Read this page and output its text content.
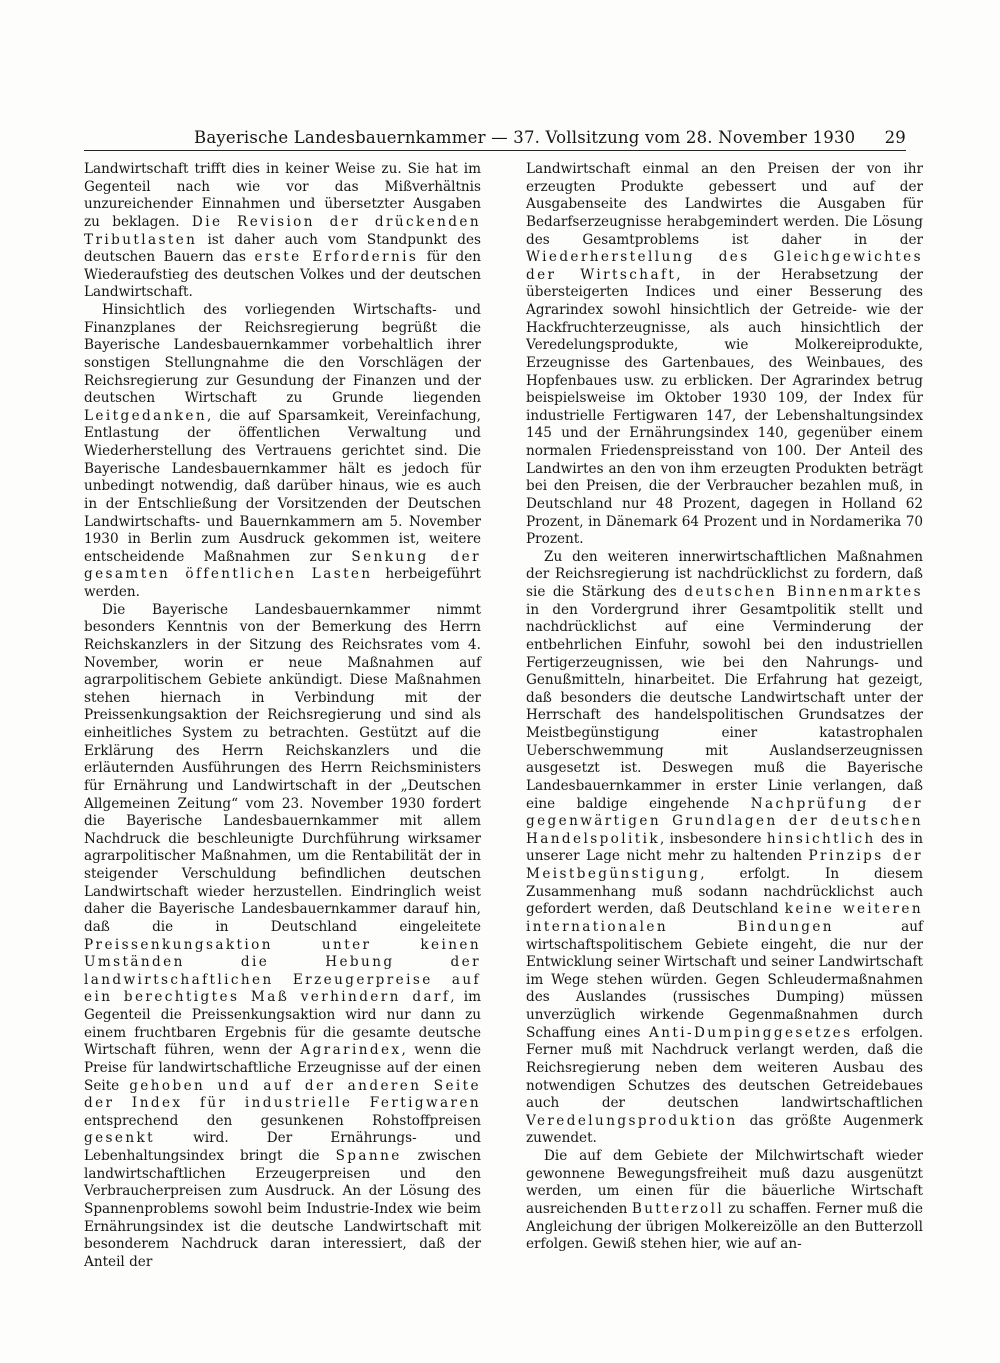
Bayerische Landesbauernkammer — 37. Vollsitzung vom 28. November 1930 29

Landwirtschaft trifft dies in keiner Weise zu. Sie hat im Gegenteil nach wie vor das Mißverhältnis unzureichender Einnahmen und übersetzter Ausgaben zu beklagen. Die Revision der drückenden Tributlasten ist daher auch vom Standpunkt des deutschen Bauern das erste Erfordernis für den Wiederaufstieg des deutschen Volkes und der deutschen Landwirtschaft.

Hinsichtlich des vorliegenden Wirtschafts- und Finanzplanes der Reichsregierung begrüßt die Bayerische Landesbauernkammer vorbehaltlich ihrer sonstigen Stellungnahme die den Vorschlägen der Reichsregierung zur Gesundung der Finanzen und der deutschen Wirtschaft zu Grunde liegenden Leitgedanken, die auf Sparsamkeit, Vereinfachung, Entlastung der öffentlichen Verwaltung und Wiederherstellung des Vertrauens gerichtet sind. Die Bayerische Landesbauernkammer hält es jedoch für unbedingt notwendig, daß darüber hinaus, wie es auch in der Entschließung der Vorsitzenden der Deutschen Landwirtschafts- und Bauernkammern am 5. November 1930 in Berlin zum Ausdruck gekommen ist, weitere entscheidende Maßnahmen zur Senkung der gesamten öffentlichen Lasten herbeigeführt werden.

Die Bayerische Landesbauernkammer nimmt besonders Kenntnis von der Bemerkung des Herrn Reichskanzlers in der Sitzung des Reichsrates vom 4. November, worin er neue Maßnahmen auf agrarpolitischem Gebiete ankündigt. Diese Maßnahmen stehen hiernach in Verbindung mit der Preissenkungsaktion der Reichsregierung und sind als einheitliches System zu betrachten. Gestützt auf die Erklärung des Herrn Reichskanzlers und die erläuternden Ausführungen des Herrn Reichsministers für Ernährung und Landwirtschaft in der „Deutschen Allgemeinen Zeitung“ vom 23. November 1930 fordert die Bayerische Landesbauernkammer mit allem Nachdruck die beschleunigte Durchführung wirksamer agrarpolitischer Maßnahmen, um die Rentabilität der in steigender Verschuldung befindlichen deutschen Landwirtschaft wieder herzustellen. Eindringlich weist daher die Bayerische Landesbauernkammer darauf hin, daß die in Deutschland eingeleitete Preissenkungsaktion unter keinen Umständen die Hebung der landwirtschaftlichen Erzeugerpreise auf ein berechtigtes Maß verhindern darf, im Gegenteil die Preissenkungsaktion wird nur dann zu einem fruchtbaren Ergebnis für die gesamte deutsche Wirtschaft führen, wenn der Agrarindex, wenn die Preise für landwirtschaftliche Erzeugnisse auf der einen Seite gehoben und auf der anderen Seite der Index für industrielle Fertigwaren entsprechend den gesunkenen Rohstoffpreisen gesenkt wird. Der Ernährungs- und Lebenhaltungsindex bringt die Spanne zwischen landwirtschaftlichen Erzeugerpreisen und den Verbraucherpreisen zum Ausdruck. An der Lösung des Spannenproblems sowohl beim Industrie-Index wie beim Ernährungsindex ist die deutsche Landwirtschaft mit besonderem Nachdruck daran interessiert, daß der Anteil der

Landwirtschaft einmal an den Preisen der von ihr erzeugten Produkte gebessert und auf der Ausgabenseite des Landwirtes die Ausgaben für Bedarfserzeugnisse herabgemindert werden. Die Lösung des Gesamtproblems ist daher in der Wiederherstellung des Gleichgewichtes der Wirtschaft, in der Herabsetzung der übersteigerten Indices und einer Besserung des Agrarindex sowohl hinsichtlich der Getreide- wie der Hackfruchterzeugnisse, als auch hinsichtlich der Veredelungsprodukte, wie Molkereiprodukte, Erzeugnisse des Gartenbaues, des Weinbaues, des Hopfenbaues usw. zu erblicken. Der Agrarindex betrug beispielsweise im Oktober 1930 109, der Index für industrielle Fertigwaren 147, der Lebenshaltungsindex 145 und der Ernährungsindex 140, gegenüber einem normalen Friedenspreisstand von 100. Der Anteil des Landwirtes an den von ihm erzeugten Produkten beträgt bei den Preisen, die der Verbraucher bezahlen muß, in Deutschland nur 48 Prozent, dagegen in Holland 62 Prozent, in Dänemark 64 Prozent und in Nordamerika 70 Prozent.

Zu den weiteren innerwirtschaftlichen Maßnahmen der Reichsregierung ist nachdrücklichst zu fordern, daß sie die Stärkung des deutschen Binnenmarktes in den Vordergrund ihrer Gesamtpolitik stellt und nachdrücklichst auf eine Verminderung der entbehrlichen Einfuhr, sowohl bei den industriellen Fertigerzeugnissen, wie bei den Nahrungs- und Genußmitteln, hinarbeitet. Die Erfahrung hat gezeigt, daß besonders die deutsche Landwirtschaft unter der Herrschaft des handelspolitischen Grundsatzes der Meistbegünstigung einer katastrophalen Ueberschwemmung mit Auslandserzeugnissen ausgesetzt ist. Deswegen muß die Bayerische Landesbauernkammer in erster Linie verlangen, daß eine baldige eingehende Nachprüfung der gegenwärtigen Grundlagen der deutschen Handelspolitik, insbesondere hinsichtlich des in unserer Lage nicht mehr zu haltenden Prinzips der Meistbegünstigung, erfolgt. In diesem Zusammenhang muß sodann nachdrücklichst auch gefordert werden, daß Deutschland keine weiteren internationalen Bindungen auf wirtschaftspolitischem Gebiete eingeht, die nur der Entwicklung seiner Wirtschaft und seiner Landwirtschaft im Wege stehen würden. Gegen Schleudermaßnahmen des Auslandes (russisches Dumping) müssen unverzüglich wirkende Gegenmaßnahmen durch Schaffung eines Anti-Dumpinggesetzes erfolgen. Ferner muß mit Nachdruck verlangt werden, daß die Reichsregierung neben dem weiteren Ausbau des notwendigen Schutzes des deutschen Getreidebaues auch der deutschen landwirtschaftlichen Veredelungsproduktion das größte Augenmerk zuwendet.

Die auf dem Gebiete der Milchwirtschaft wieder gewonnene Bewegungsfreiheit muß dazu ausgenützt werden, um einen für die bäuerliche Wirtschaft ausreichenden Butterzoll zu schaffen. Ferner muß die Angleichung der übrigen Molkereizölle an den Butterzoll erfolgen. Gewiß stehen hier, wie auf an-
